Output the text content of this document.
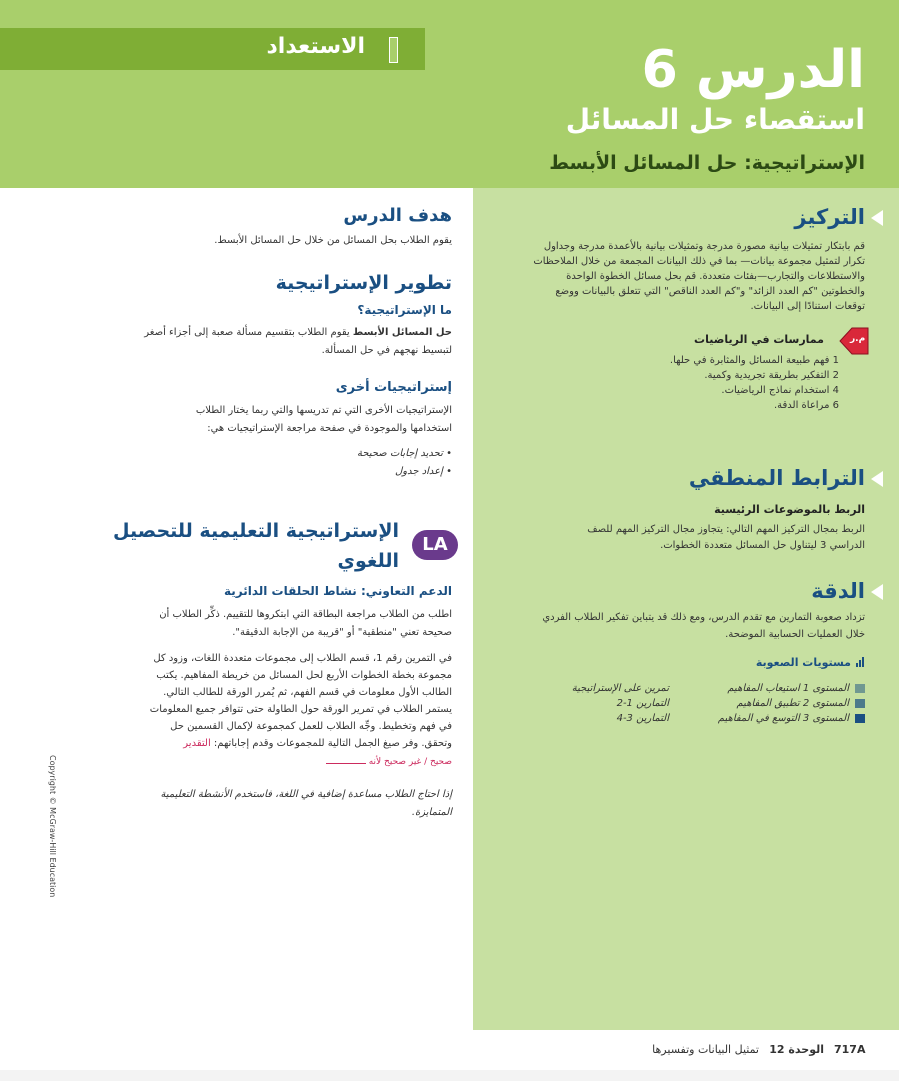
الاستعداد	الدرس 6
استقصاء حل المسائل
الإستراتيجية: حل المسائل الأبسط
هدف الدرس
يقوم الطلاب بحل المسائل من خلال حل المسائل الأبسط.
تطوير الإستراتيجية
ما الإستراتيجية؟
حل المسائل الأبسط يقوم الطلاب بتقسيم مسألة صعبة إلى أجزاء أصغر
لتبسيط نهجهم في حل المسألة.
إستراتيجيات أخرى
الإستراتيجيات الأخرى التي تم تدريسها والتي ربما يختار الطلاب
استخدامها والموجودة في صفحة مراجعة الإستراتيجيات هي:
• تحديد إجابات صحيحة
• إعداد جدول
LA
الإستراتيجية التعليمية للتحصيل
اللغوي
الدعم التعاوني: نشاط الحلقات الدائرية
اطلب من الطلاب مراجعة البطاقة التي ابتكروها للتقييم. ذكِّر الطلاب أن
صحيحة تعني "منطقية" أو "قريبة من الإجابة الدقيقة".
في التمرين رقم 1، قسم الطلاب إلى مجموعات متعددة اللغات، وزود كل
مجموعة بخطة الخطوات الأربع لحل المسائل من خريطة المفاهيم. يكتب
الطالب الأول معلومات في قسم الفهم، ثم يُمرر الورقة للطالب التالي.
يستمر الطلاب في تمرير الورقة حول الطاولة حتى تتوافر جميع المعلومات
في فهم وتخطيط. وجِّه الطلاب للعمل كمجموعة لإكمال القسمين حل
وتحقق. وفر صيغ الجمل التالية للمجموعات وقدم إجاباتهم: التقدير
صحيح / غير صحيح لأنه
إذا احتاج الطلاب مساعدة إضافية في اللغة، فاستخدم الأنشطة التعليمية
المتمايزة.
Copyright © McGraw-Hill Education
التركيز
قم بابتكار تمثيلات بيانية مصورة مدرجة وتمثيلات بيانية بالأعمدة مدرجة وجداول
تكرار لتمثيل مجموعة بيانات— بما في ذلك البيانات المجمعة من خلال الملاحظات
والاستطلاعات والتجارب—بفئات متعددة. قم بحل مسائل الخطوة الواحدة
والخطوتين "كم العدد الزائد" و"كم العدد الناقص" التي تتعلق بالبيانات ووضع
توقعات استنادًا إلى البيانات.
م.ر
ممارسات في الرياضيات
1 فهم طبيعة المسائل والمثابرة في حلها.
2 التفكير بطريقة تجريدية وكمية.
4 استخدام نماذج الرياضيات.
6 مراعاة الدقة.
الترابط المنطقي
الربط بالموضوعات الرئيسية
الربط بمجال التركيز المهم التالي: يتجاوز مجال التركيز المهم للصف
الدراسي 3 ليتناول حل المسائل متعددة الخطوات.
الدقة
تزداد صعوبة التمارين مع تقدم الدرس، ومع ذلك قد يتباين تفكير الطلاب الفردي
خلال العمليات الحسابية الموضحة.
مستويات الصعوبة
المستوى 1 استيعاب المفاهيم
المستوى 2 تطبيق المفاهيم
المستوى 3 التوسع في المفاهيم
تمرين على الإستراتيجية
التمارين 1-2
التمارين 3-4
717A
الوحدة 12
تمثيل البيانات وتفسيرها
